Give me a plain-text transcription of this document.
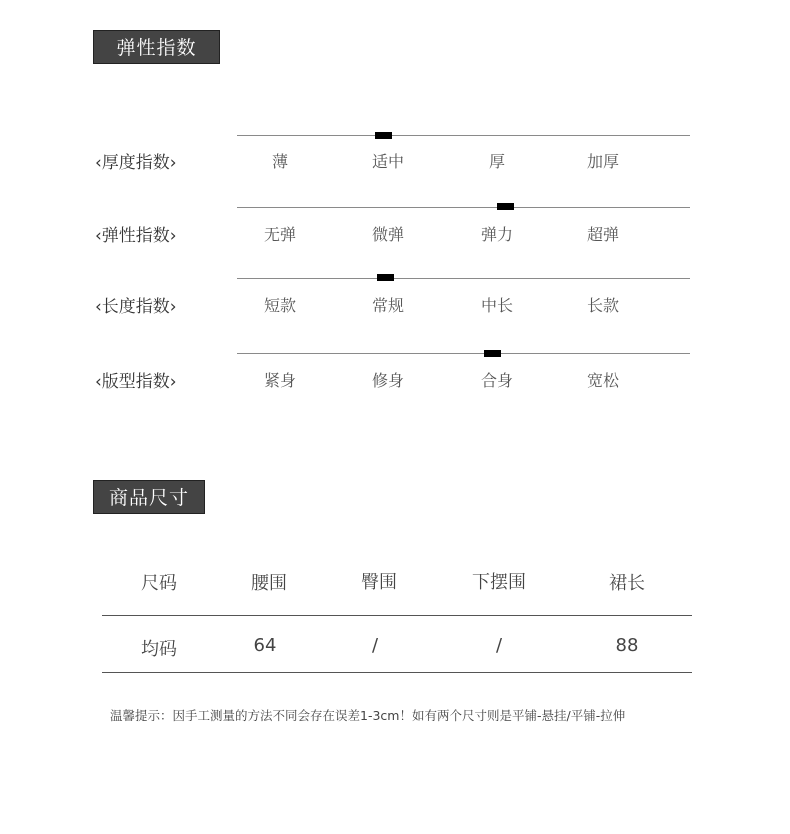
弹性指数
‹厚度指数›	薄	适中	厚	加厚
‹弹性指数›	无弹	微弹	弹力	超弹
‹长度指数›	短款	常规	中长	长款
‹版型指数›	紧身	修身	合身	宽松
商品尺寸
尺码	腰围	臀围	下摆围	裙长
均码	64	/	/	88
温馨提示：因手工测量的方法不同会存在误差1-3cm！如有两个尺寸则是平铺-悬挂/平铺-拉伸
